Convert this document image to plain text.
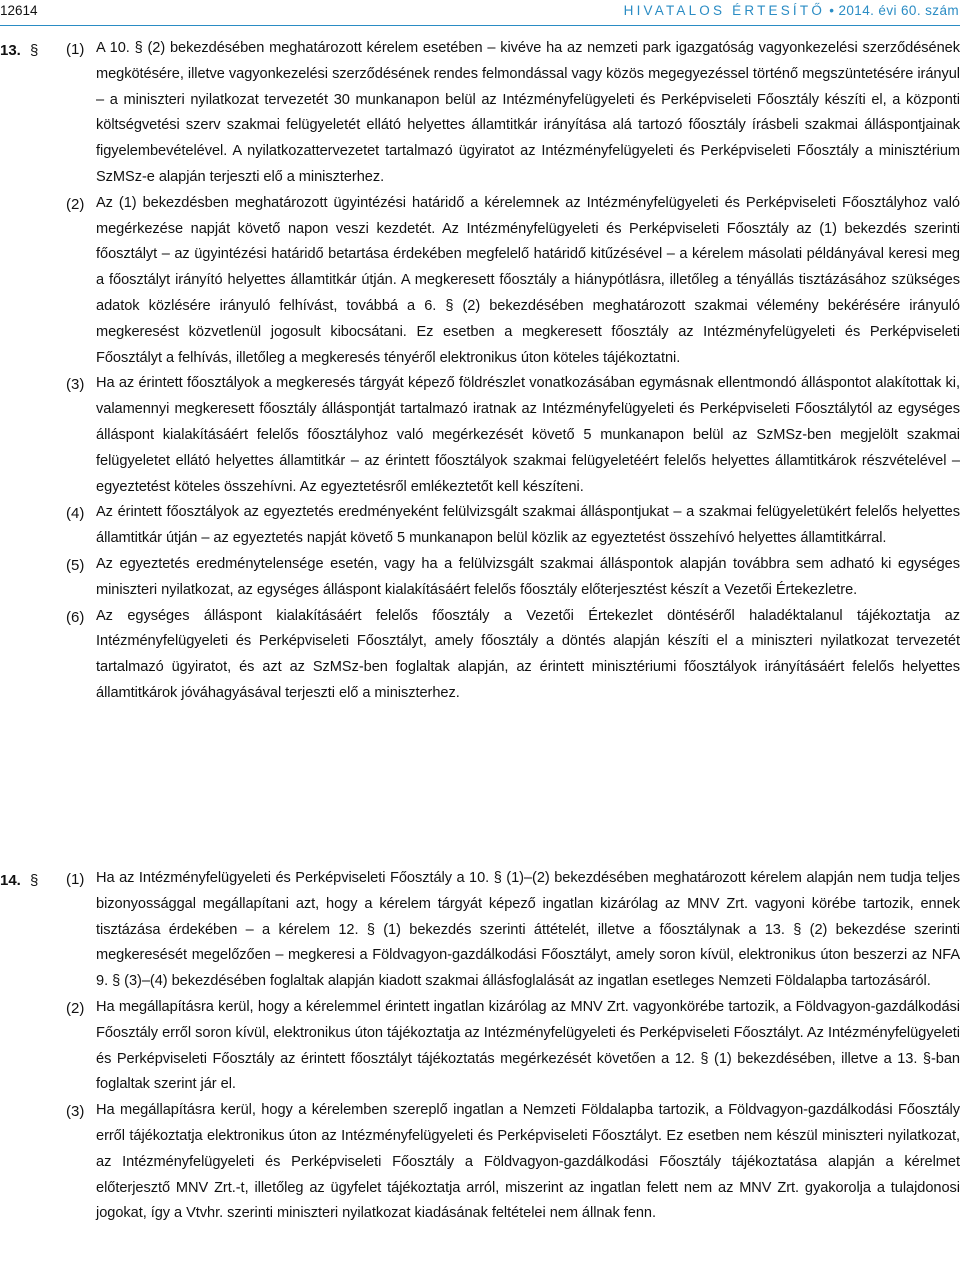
12614	HIVATALOS ÉRTESÍTŐ • 2014. évi 60. szám
13. § (1) A 10. § (2) bekezdésében meghatározott kérelem esetében – kivéve ha az nemzeti park igazgatóság vagyonkezelési szerződésének megkötésére, illetve vagyonkezelési szerződésének rendes felmondással vagy közös megegyezéssel történő megszüntetésére irányul – a miniszteri nyilatkozat tervezetét 30 munkanapon belül az Intézményfelügyeleti és Perképviseleti Főosztály készíti el, a központi költségvetési szerv szakmai felügyeletét ellátó helyettes államtitkár irányítása alá tartozó főosztály írásbeli szakmai álláspontjainak figyelembevételével. A nyilatkozattervezetet tartalmazó ügyiratot az Intézményfelügyeleti és Perképviseleti Főosztály a minisztérium SzMSz-e alapján terjeszti elő a miniszterhez.
(2) Az (1) bekezdésben meghatározott ügyintézési határidő a kérelemnek az Intézményfelügyeleti és Perképviseleti Főosztályhoz való megérkezése napját követő napon veszi kezdetét. Az Intézményfelügyeleti és Perképviseleti Főosztály az (1) bekezdés szerinti főosztályt – az ügyintézési határidő betartása érdekében megfelelő határidő kitűzésével – a kérelem másolati példányával keresi meg a főosztályt irányító helyettes államtitkár útján. A megkeresett főosztály a hiánypótlásra, illetőleg a tényállás tisztázásához szükséges adatok közlésére irányuló felhívást, továbbá a 6. § (2) bekezdésében meghatározott szakmai vélemény bekérésére irányuló megkeresést közvetlenül jogosult kibocsátani. Ez esetben a megkeresett főosztály az Intézményfelügyeleti és Perképviseleti Főosztályt a felhívás, illetőleg a megkeresés tényéről elektronikus úton köteles tájékoztatni.
(3) Ha az érintett főosztályok a megkeresés tárgyát képező földrészlet vonatkozásában egymásnak ellentmondó álláspontot alakítottak ki, valamennyi megkeresett főosztály álláspontját tartalmazó iratnak az Intézményfelügyeleti és Perképviseleti Főosztálytól az egységes álláspont kialakításáért felelős főosztályhoz való megérkezését követő 5 munkanapon belül az SzMSz-ben megjelölt szakmai felügyeletet ellátó helyettes államtitkár – az érintett főosztályok szakmai felügyeletéért felelős helyettes államtitkárok részvételével – egyeztetést köteles összehívni. Az egyeztetésről emlékeztetőt kell készíteni.
(4) Az érintett főosztályok az egyeztetés eredményeként felülvizsgált szakmai álláspontjukat – a szakmai felügyeletükért felelős helyettes államtitkár útján – az egyeztetés napját követő 5 munkanapon belül közlik az egyeztetést összehívó helyettes államtitkárral.
(5) Az egyeztetés eredménytelensége esetén, vagy ha a felülvizsgált szakmai álláspontok alapján továbbra sem adható ki egységes miniszteri nyilatkozat, az egységes álláspont kialakításáért felelős főosztály előterjesztést készít a Vezetői Értekezletre.
(6) Az egységes álláspont kialakításáért felelős főosztály a Vezetői Értekezlet döntéséről haladéktalanul tájékoztatja az Intézményfelügyeleti és Perképviseleti Főosztályt, amely főosztály a döntés alapján készíti el a miniszteri nyilatkozat tervezetét tartalmazó ügyiratot, és azt az SzMSz-ben foglaltak alapján, az érintett minisztériumi főosztályok irányításáért felelős helyettes államtitkárok jóváhagyásával terjeszti elő a miniszterhez.
14. § (1) Ha az Intézményfelügyeleti és Perképviseleti Főosztály a 10. § (1)–(2) bekezdésében meghatározott kérelem alapján nem tudja teljes bizonyossággal megállapítani azt, hogy a kérelem tárgyát képező ingatlan kizárólag az MNV Zrt. vagyoni körébe tartozik, ennek tisztázása érdekében – a kérelem 12. § (1) bekezdés szerinti áttételét, illetve a főosztálynak a 13. § (2) bekezdése szerinti megkeresését megelőzően – megkeresi a Földvagyon-gazdálkodási Főosztályt, amely soron kívül, elektronikus úton beszerzi az NFA 9. § (3)–(4) bekezdésében foglaltak alapján kiadott szakmai állásfoglalását az ingatlan esetleges Nemzeti Földalapba tartozásáról.
(2) Ha megállapításra kerül, hogy a kérelemmel érintett ingatlan kizárólag az MNV Zrt. vagyonkörébe tartozik, a Földvagyon-gazdálkodási Főosztály erről soron kívül, elektronikus úton tájékoztatja az Intézményfelügyeleti és Perképviseleti Főosztályt. Az Intézményfelügyeleti és Perképviseleti Főosztály az érintett főosztályt tájékoztatás megérkezését követően a 12. § (1) bekezdésében, illetve a 13. §-ban foglaltak szerint jár el.
(3) Ha megállapításra kerül, hogy a kérelemben szereplő ingatlan a Nemzeti Földalapba tartozik, a Földvagyon-gazdálkodási Főosztály erről tájékoztatja elektronikus úton az Intézményfelügyeleti és Perképviseleti Főosztályt. Ez esetben nem készül miniszteri nyilatkozat, az Intézményfelügyeleti és Perképviseleti Főosztály a Földvagyon-gazdálkodási Főosztály tájékoztatása alapján a kérelmet előterjesztő MNV Zrt.-t, illetőleg az ügyfelet tájékoztatja arról, miszerint az ingatlan felett nem az MNV Zrt. gyakorolja a tulajdonosi jogokat, így a Vtvhr. szerinti miniszteri nyilatkozat kiadásának feltételei nem állnak fenn.
